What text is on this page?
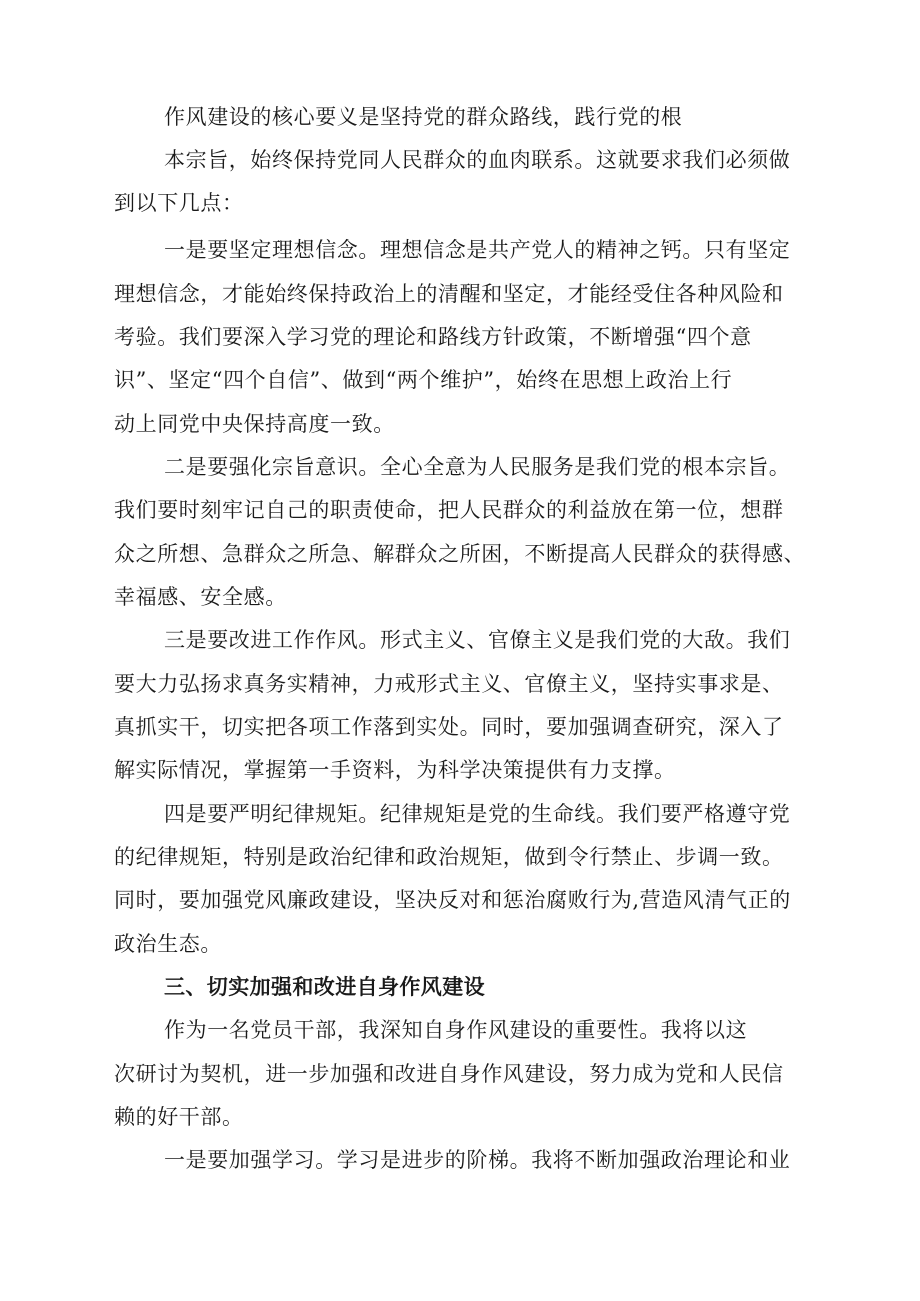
作风建设的核心要义是坚持党的群众路线，践行党的根
本宗旨，始终保持党同人民群众的血肉联系。这就要求我们必须做
到以下几点：
一是要坚定理想信念。理想信念是共产党人的精神之钙。只有坚定
理想信念，才能始终保持政治上的清醒和坚定，才能经受住各种风险和
考验。我们要深入学习党的理论和路线方针政策，不断增强“四个意
识”、坚定“四个自信”、做到“两个维护”，始终在思想上政治上行
动上同党中央保持高度一致。
二是要强化宗旨意识。全心全意为人民服务是我们党的根本宗旨。
我们要时刻牢记自己的职责使命，把人民群众的利益放在第一位，想群
众之所想、急群众之所急、解群众之所困，不断提高人民群众的获得感、
幸福感、安全感。
三是要改进工作作风。形式主义、官僚主义是我们党的大敌。我们
要大力弘扬求真务实精神，力戒形式主义、官僚主义，坚持实事求是、
真抓实干，切实把各项工作落到实处。同时，要加强调查研究，深入了
解实际情况，掌握第一手资料，为科学决策提供有力支撑。
四是要严明纪律规矩。纪律规矩是党的生命线。我们要严格遵守党
的纪律规矩，特别是政治纪律和政治规矩，做到令行禁止、步调一致。
同时，要加强党风廉政建设，坚决反对和惩治腐败行为,营造风清气正的
政治生态。
三、切实加强和改进自身作风建设
作为一名党员干部，我深知自身作风建设的重要性。我将以这
次研讨为契机，进一步加强和改进自身作风建设，努力成为党和人民信
赖的好干部。
一是要加强学习。学习是进步的阶梯。我将不断加强政治理论和业
